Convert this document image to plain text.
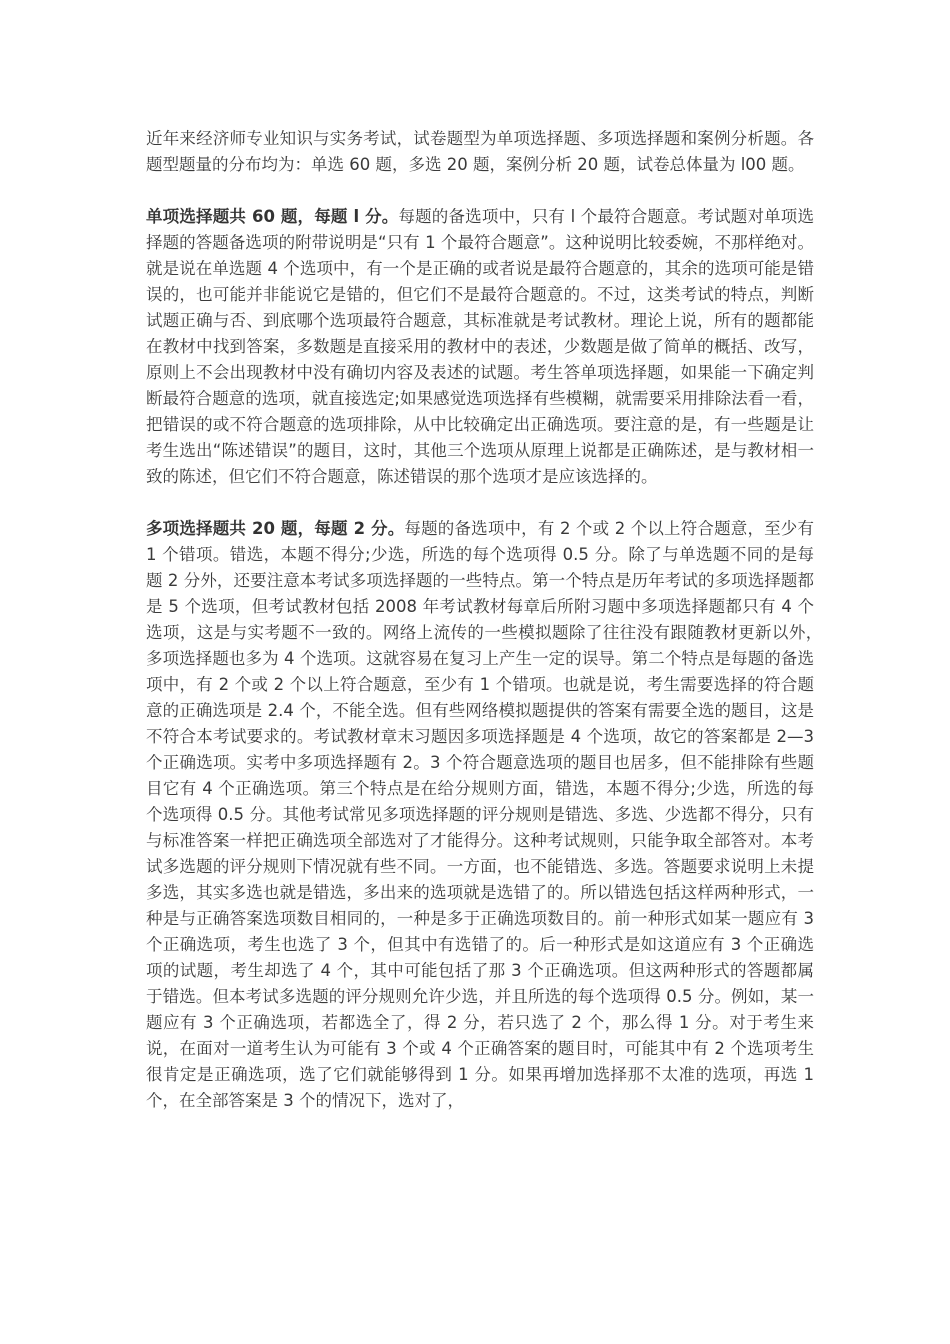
近年来经济师专业知识与实务考试，试卷题型为单项选择题、多项选择题和案例分析题。各题型题量的分布均为：单选 60 题，多选 20 题，案例分析 20 题，试卷总体量为 l00 题。

单项选择题共 60 题，每题 l 分。每题的备选项中，只有 l 个最符合题意。考试题对单项选择题的答题备选项的附带说明是“只有 1 个最符合题意”。这种说明比较委婉，不那样绝对。就是说在单选题 4 个选项中，有一个是正确的或者说是最符合题意的，其余的选项可能是错误的，也可能并非能说它是错的，但它们不是最符合题意的。不过，这类考试的特点，判断试题正确与否、到底哪个选项最符合题意，其标准就是考试教材。理论上说，所有的题都能在教材中找到答案，多数题是直接采用的教材中的表述，少数题是做了简单的概括、改写，原则上不会出现教材中没有确切内容及表述的试题。考生答单项选择题，如果能一下确定判断最符合题意的选项，就直接选定;如果感觉选项选择有些模糊，就需要采用排除法看一看，把错误的或不符合题意的选项排除，从中比较确定出正确选项。要注意的是，有一些题是让考生选出“陈述错误”的题目，这时，其他三个选项从原理上说都是正确陈述，是与教材相一致的陈述，但它们不符合题意，陈述错误的那个选项才是应该选择的。

多项选择题共 20 题，每题 2 分。每题的备选项中，有 2 个或 2 个以上符合题意，至少有 1 个错项。错选，本题不得分;少选，所选的每个选项得 0.5 分。除了与单选题不同的是每题 2 分外，还要注意本考试多项选择题的一些特点。第一个特点是历年考试的多项选择题都是 5 个选项，但考试教材包括 2008 年考试教材每章后所附习题中多项选择题都只有 4 个选项，这是与实考题不一致的。网络上流传的一些模拟题除了往往没有跟随教材更新以外，　多项选择题也多为 4 个选项。这就容易在复习上产生一定的误导。第二个特点是每题的备选项中，有 2 个或 2 个以上符合题意，至少有 1 个错项。也就是说，考生需要选择的符合题意的正确选项是 2.4 个，不能全选。但有些网络模拟题提供的答案有需要全选的题目，这是不符合本考试要求的。考试教材章末习题因多项选择题是 4 个选项，故它的答案都是 2—3 个正确选项。实考中多项选择题有 2。3 个符合题意选项的题目也居多，但不能排除有些题目它有 4 个正确选项。第三个特点是在给分规则方面，错选，本题不得分;少选，所选的每个选项得 0.5 分。其他考试常见多项选择题的评分规则是错选、多选、少选都不得分，只有与标准答案一样把正确选项全部选对了才能得分。这种考试规则，只能争取全部答对。本考试多选题的评分规则下情况就有些不同。一方面，也不能错选、多选。答题要求说明上未提多选，其实多选也就是错选，多出来的选项就是选错了的。所以错选包括这样两种形式，一种是与正确答案选项数目相同的，一种是多于正确选项数目的。前一种形式如某一题应有 3 个正确选项，考生也选了 3 个，但其中有选错了的。后一种形式是如这道应有 3 个正确选项的试题，考生却选了 4 个，其中可能包括了那 3 个正确选项。但这两种形式的答题都属于错选。但本考试多选题的评分规则允许少选，并且所选的每个选项得 0.5 分。例如，某一题应有 3 个正确选项，若都选全了，得 2 分，若只选了 2 个，那么得 1 分。对于考生来说，在面对一道考生认为可能有 3 个或 4 个正确答案的题目时，可能其中有 2 个选项考生很肯定是正确选项，选了它们就能够得到 1 分。如果再增加选择那不太准的选项，再选 1 个，在全部答案是 3 个的情况下，选对了，
